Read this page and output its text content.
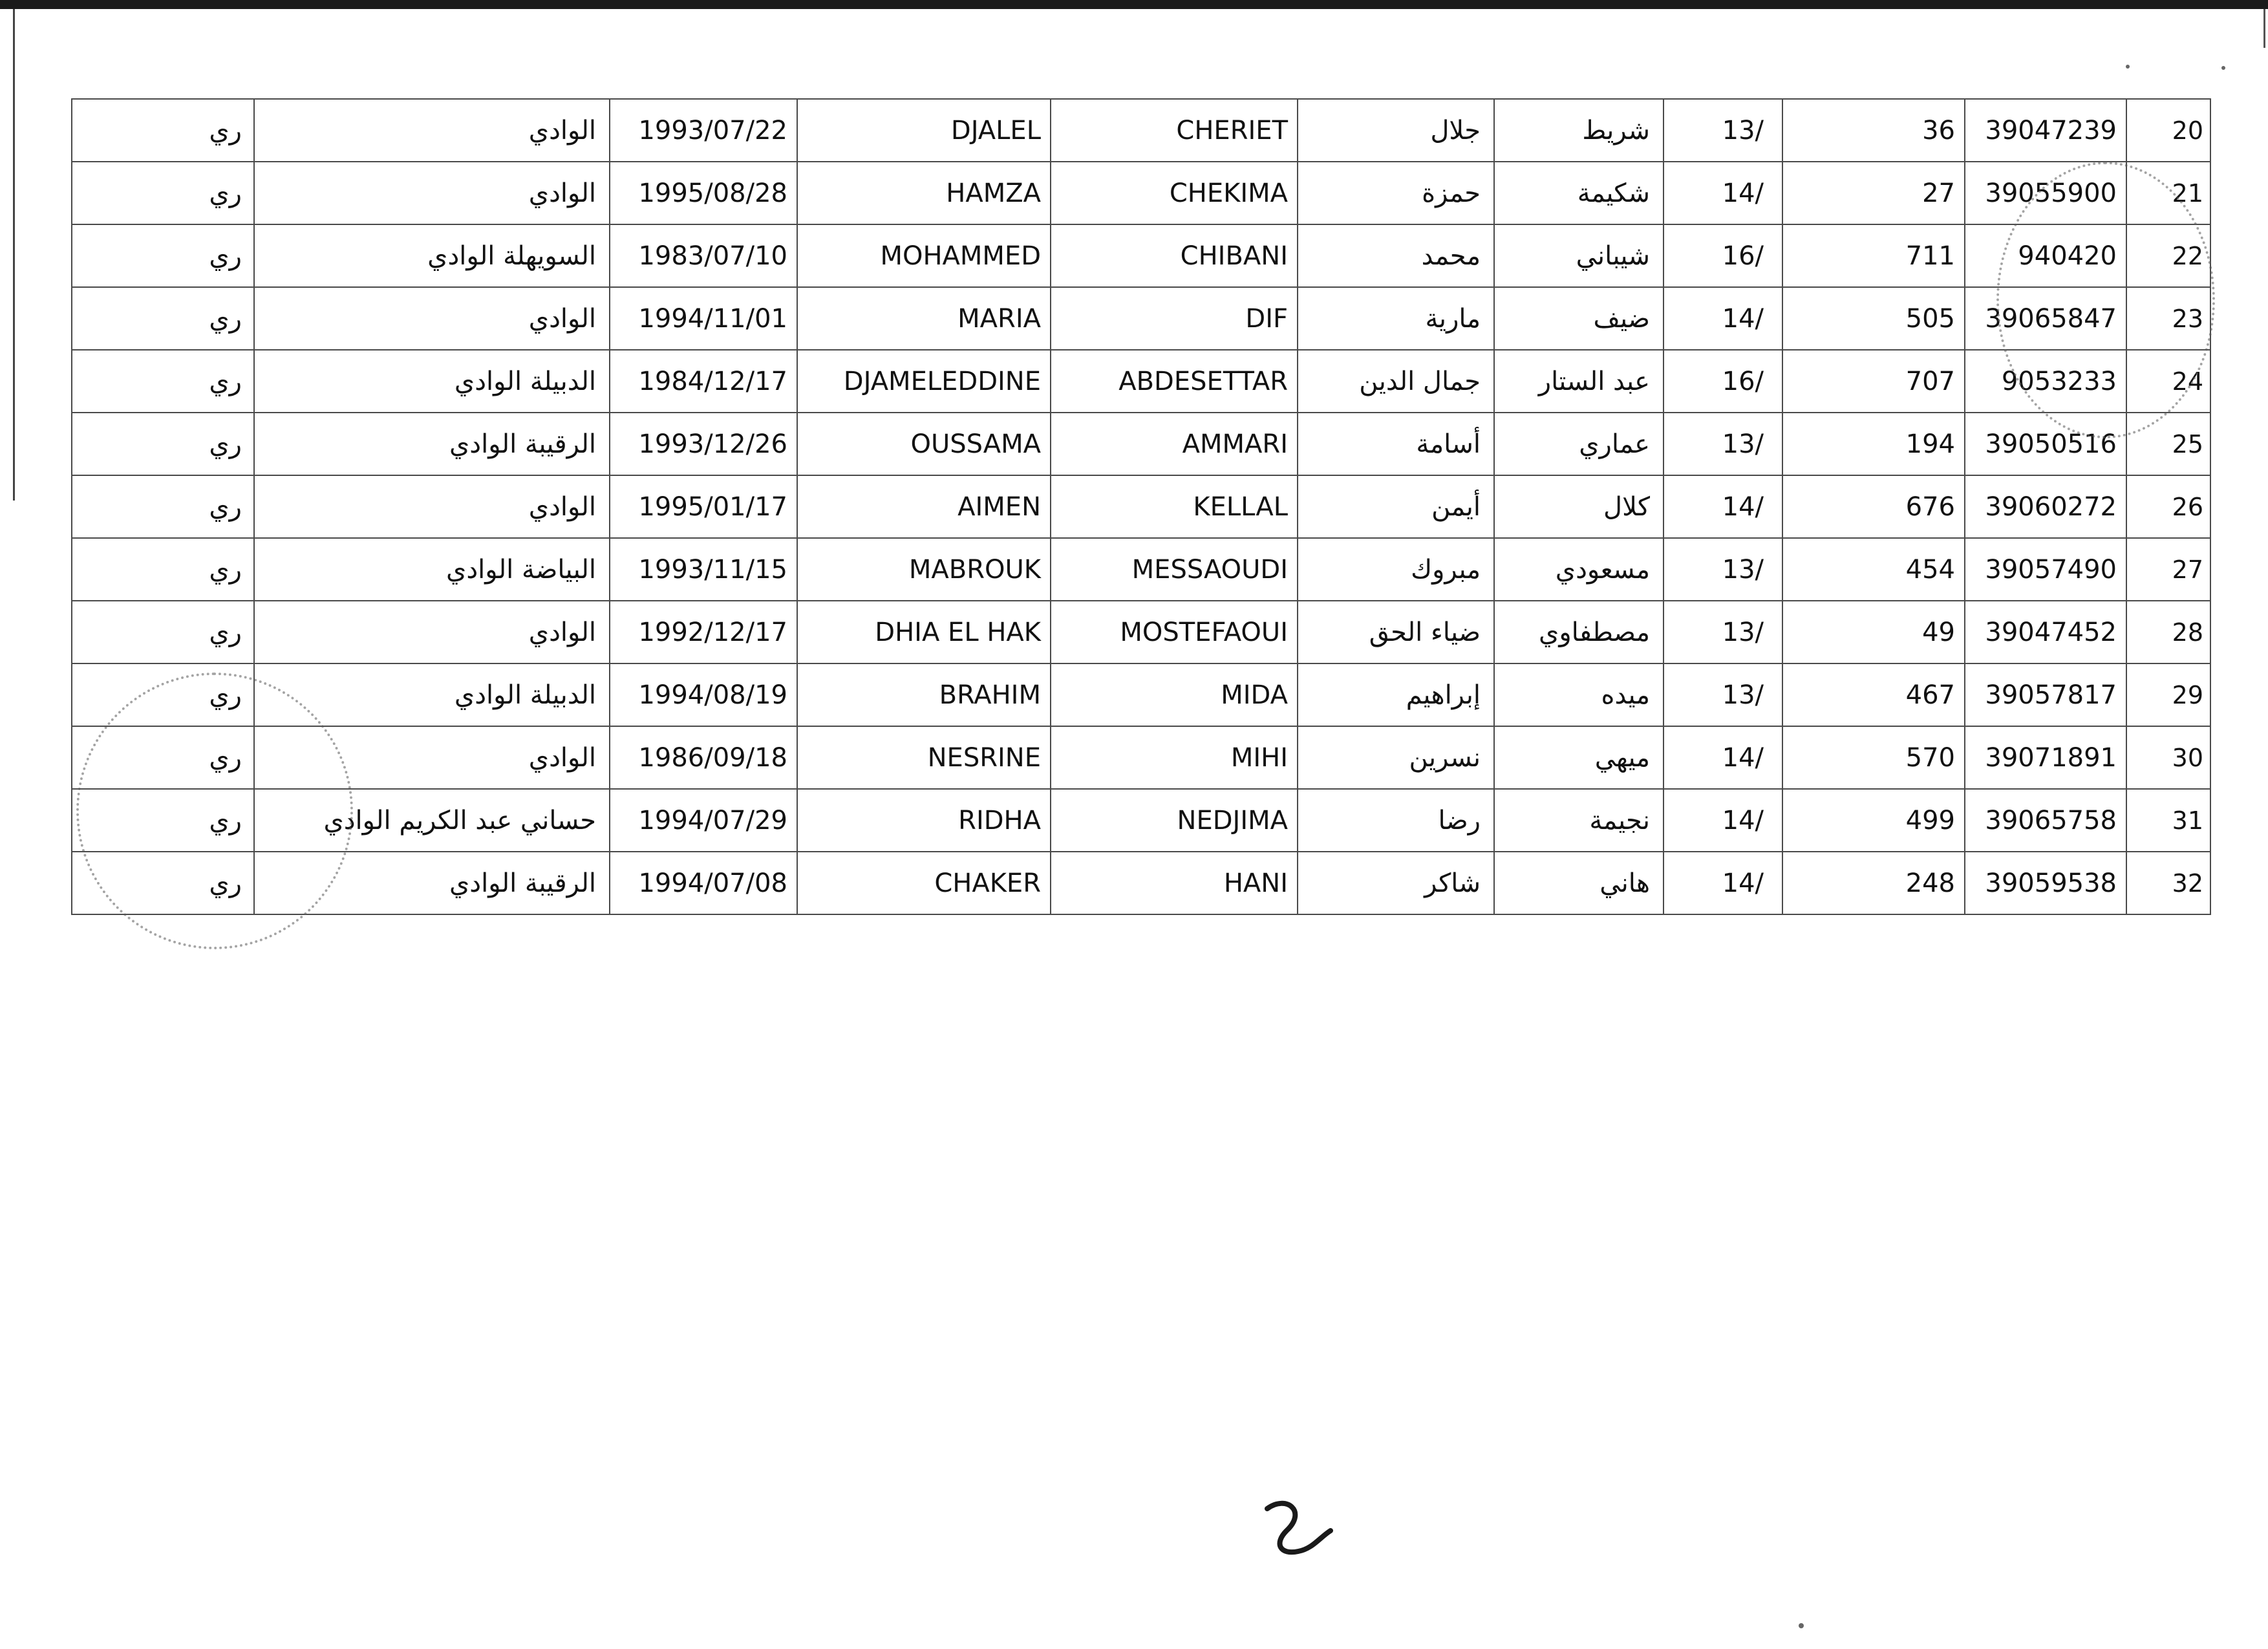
ري	الوادي	1993/07/22	DJALEL	CHERIET	جلال	شريط	13/	36	39047239	20
ري	الوادي	1995/08/28	HAMZA	CHEKIMA	حمزة	شكيمة	14/	27	39055900	21
ري	السويهلة الوادي	1983/07/10	MOHAMMED	CHIBANI	محمد	شيباني	16/	711	940420	22
ري	الوادي	1994/11/01	MARIA	DIF	مارية	ضيف	14/	505	39065847	23
ري	الدبيلة الوادي	1984/12/17	DJAMELEDDINE	ABDESETTAR	جمال الدين	عبد الستار	16/	707	9053233	24
ري	الرقيبة الوادي	1993/12/26	OUSSAMA	AMMARI	أسامة	عماري	13/	194	39050516	25
ري	الوادي	1995/01/17	AIMEN	KELLAL	أيمن	كلال	14/	676	39060272	26
ري	البياضة الوادي	1993/11/15	MABROUK	MESSAOUDI	مبروك	مسعودي	13/	454	39057490	27
ري	الوادي	1992/12/17	DHIA EL HAK	MOSTEFAOUI	ضياء الحق	مصطفاوي	13/	49	39047452	28
ري	الدبيلة الوادي	1994/08/19	BRAHIM	MIDA	إبراهيم	ميده	13/	467	39057817	29
ري	الوادي	1986/09/18	NESRINE	MIHI	نسرين	ميهي	14/	570	39071891	30
ري	حساني عبد الكريم الوادي	1994/07/29	RIDHA	NEDJIMA	رضا	نجيمة	14/	499	39065758	31
ري	الرقيبة الوادي	1994/07/08	CHAKER	HANI	شاكر	هاني	14/	248	39059538	32
